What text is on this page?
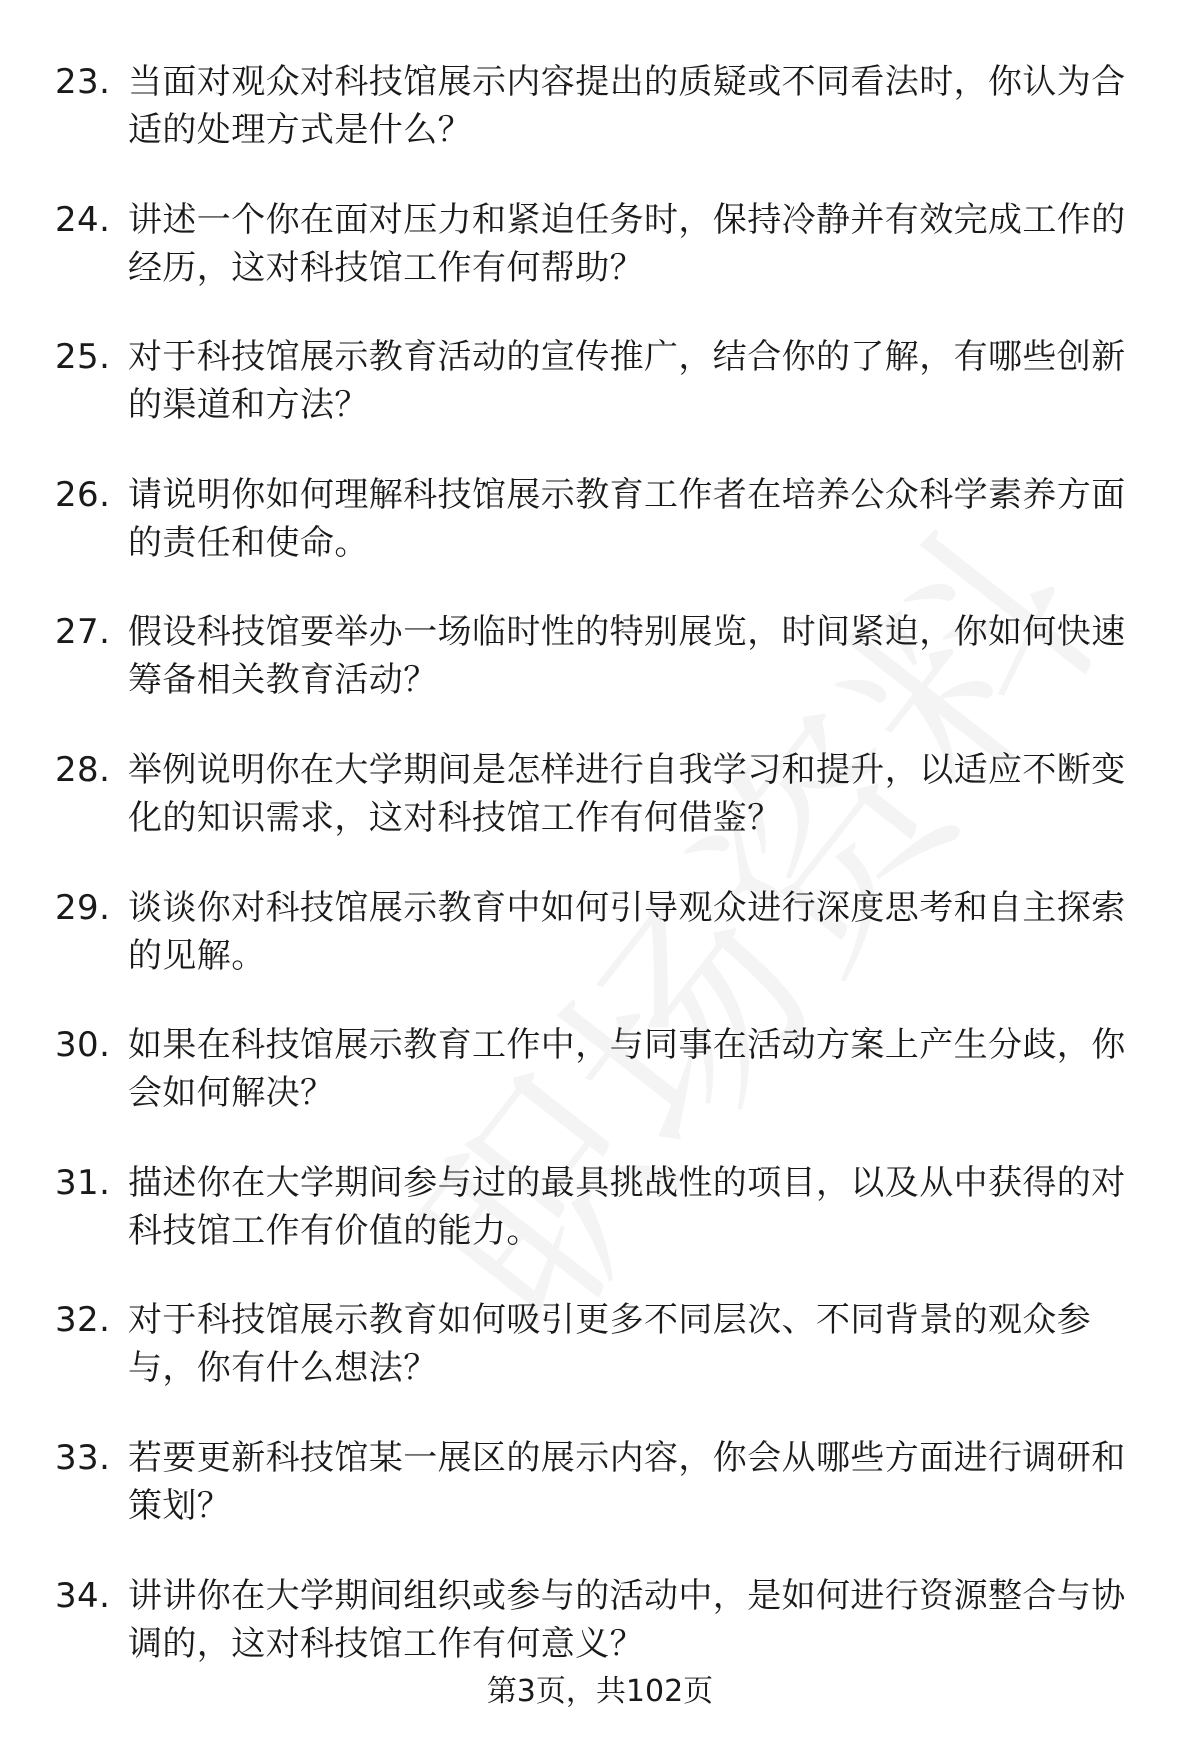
23. 当面对观众对科技馆展示内容提出的质疑或不同看法时，你认为合适的处理方式是什么？
24. 讲述一个你在面对压力和紧迫任务时，保持冷静并有效完成工作的经历，这对科技馆工作有何帮助？
25. 对于科技馆展示教育活动的宣传推广，结合你的了解，有哪些创新的渠道和方法？
26. 请说明你如何理解科技馆展示教育工作者在培养公众科学素养方面的责任和使命。
27. 假设科技馆要举办一场临时性的特别展览，时间紧迫，你如何快速筹备相关教育活动？
28. 举例说明你在大学期间是怎样进行自我学习和提升，以适应不断变化的知识需求，这对科技馆工作有何借鉴？
29. 谈谈你对科技馆展示教育中如何引导观众进行深度思考和自主探索的见解。
30. 如果在科技馆展示教育工作中，与同事在活动方案上产生分歧，你会如何解决？
31. 描述你在大学期间参与过的最具挑战性的项目，以及从中获得的对科技馆工作有价值的能力。
32. 对于科技馆展示教育如何吸引更多不同层次、不同背景的观众参与，你有什么想法？
33. 若要更新科技馆某一展区的展示内容，你会从哪些方面进行调研和策划？
34. 讲讲你在大学期间组织或参与的活动中，是如何进行资源整合与协调的，这对科技馆工作有何意义？
第3页，共102页
